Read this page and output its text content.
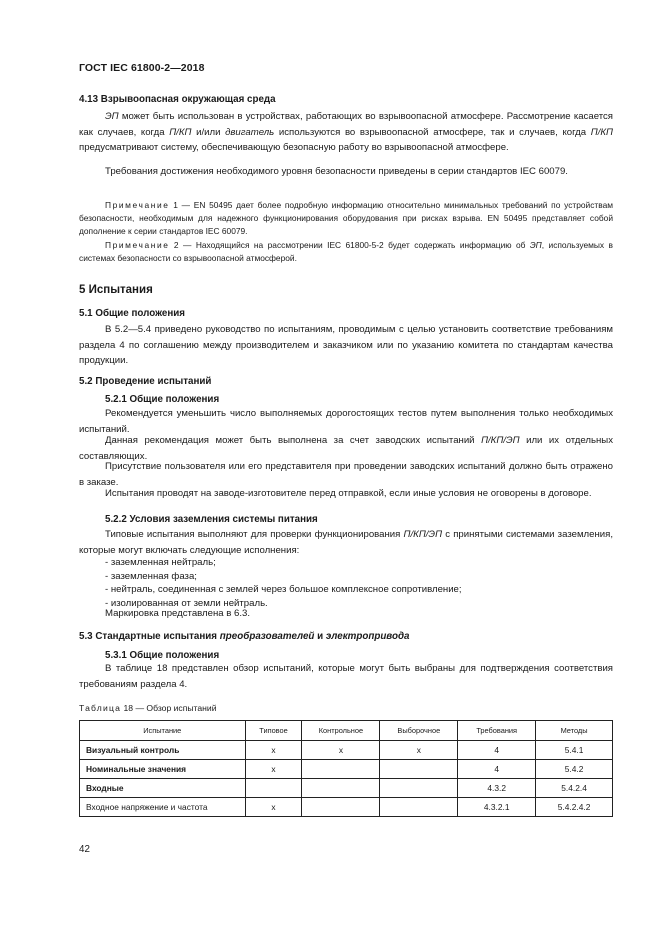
ГОСТ IEC 61800-2—2018
4.13 Взрывоопасная окружающая среда
ЭП может быть использован в устройствах, работающих во взрывоопасной атмосфере. Рассмотрение касается как случаев, когда П/КП и/или двигатель используются во взрывоопасной атмосфере, так и случаев, когда П/КП предусматривают систему, обеспечивающую безопасную работу во взрывоопасной атмосфере.
Требования достижения необходимого уровня безопасности приведены в серии стандартов IEC 60079.
Примечание 1 — EN 50495 дает более подробную информацию относительно минимальных требований по устройствам безопасности, необходимым для надежного функционирования оборудования при рисках взрыва. EN 50495 представляет собой дополнение к серии стандартов IEC 60079.
Примечание 2 — Находящийся на рассмотрении IEC 61800-5-2 будет содержать информацию об ЭП, используемых в системах безопасности со взрывоопасной атмосферой.
5 Испытания
5.1 Общие положения
В 5.2—5.4 приведено руководство по испытаниям, проводимым с целью установить соответствие требованиям раздела 4 по соглашению между производителем и заказчиком или по указанию комитета по стандартам качества продукции.
5.2 Проведение испытаний
5.2.1 Общие положения
Рекомендуется уменьшить число выполняемых дорогостоящих тестов путем выполнения только необходимых испытаний.
Данная рекомендация может быть выполнена за счет заводских испытаний П/КП/ЭП или их отдельных составляющих.
Присутствие пользователя или его представителя при проведении заводских испытаний должно быть отражено в заказе.
Испытания проводят на заводе-изготовителе перед отправкой, если иные условия не оговорены в договоре.
5.2.2 Условия заземления системы питания
Типовые испытания выполняют для проверки функционирования П/КП/ЭП с принятыми системами заземления, которые могут включать следующие исполнения:
- заземленная нейтраль;
- заземленная фаза;
- нейтраль, соединенная с землей через большое комплексное сопротивление;
- изолированная от земли нейтраль.
Маркировка представлена в 6.3.
5.3 Стандартные испытания преобразователей и электропривода
5.3.1 Общие положения
В таблице 18 представлен обзор испытаний, которые могут быть выбраны для подтверждения соответствия требованиям раздела 4.
Таблица 18 — Обзор испытаний
Испытание	Типовое	Контрольное	Выборочное	Требования	Методы
Визуальный контроль	x	x	x	4	5.4.1
Номинальные значения	x			4	5.4.2
Входные				4.3.2	5.4.2.4
Входное напряжение и частота	x			4.3.2.1	5.4.2.4.2
42
